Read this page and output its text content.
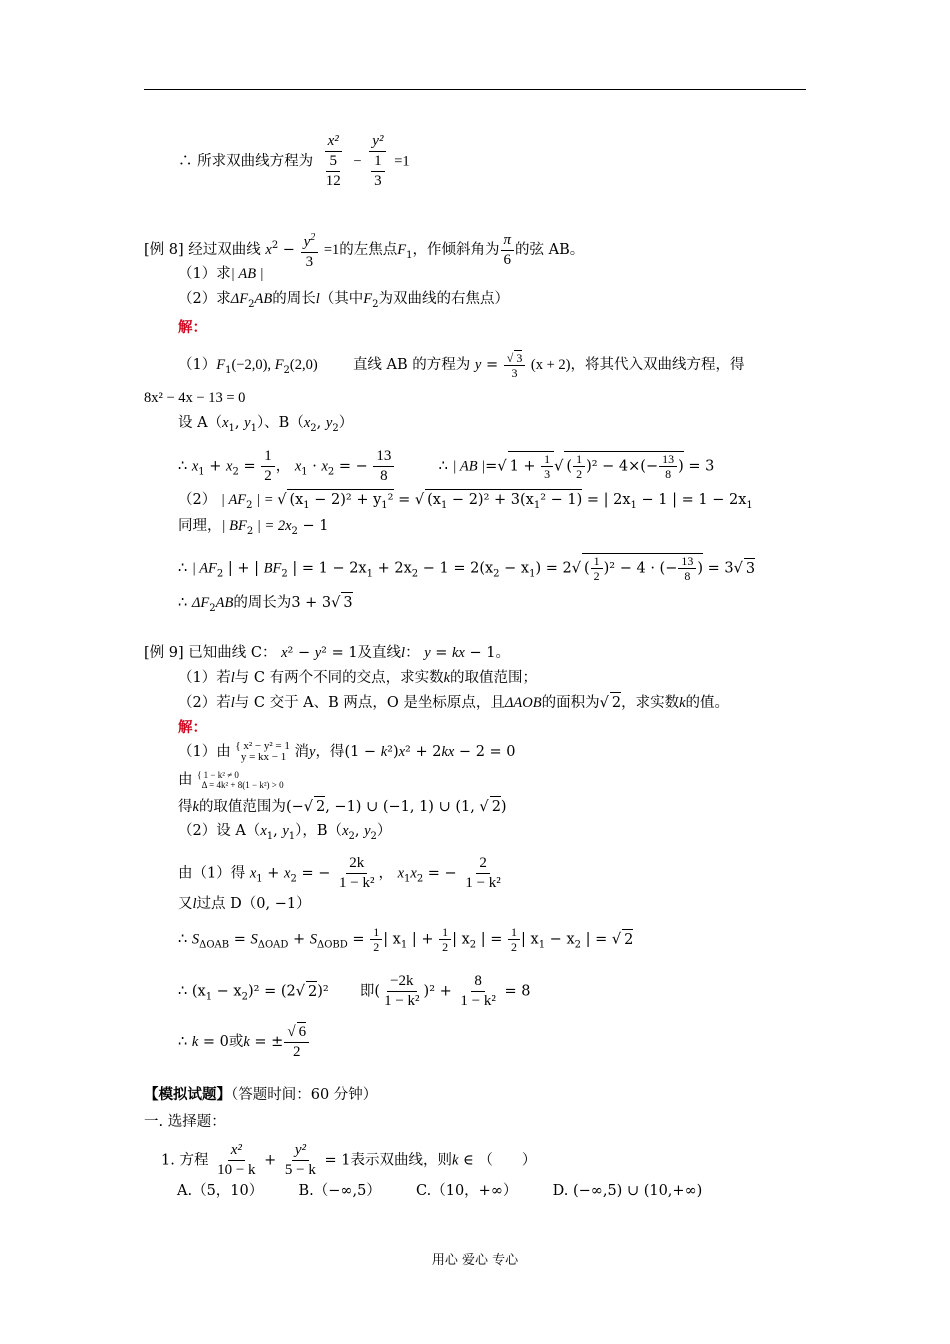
∴ 所求双曲线方程为 $\frac{\text{x²}}{\frac{5}{12}} - \frac{\text{y²}}{\frac{1}{3}} =1$
[例 8] 经过双曲线 $x^2 - \frac{y^2}{3} =1$的左焦点$F_1$，作倾斜角为 $\frac{\pi}{6}$ 的弦 AB。
（1）求| AB |
（2）求$\Delta F_2AB$的周长l（其中$F_2$为双曲线的右焦点）
解：
$(1)F_1(-2,0)$, $F_2(2,0)$ 直线 AB 的方程为 $y = \frac{√ 3}{3} (x + 2)$，将其代入双曲线方程，得
8x² − 4x − 13 = 0
设 $A(x_1$, $y_1$）、$B(x_2$, $y_2$）
∴ $x_1 + x_2 = \frac{1}{2}$ ， $x_1 \cdot x_2$ = − $\frac{13}{8}$	∴ | AB |=√ $1 + \frac{1}{3}$ √ ( $\frac{1}{2} )^2 - 4\times(- \frac{13}{8}$ ) = 3
（2） | $AF_2$ | = √ $(x_1 - 2)^2 + y_1^2$ = √ $(x_1 - 2)^2 + 3(x_1^2 - 1)$ = | $2x_1 - 1$ | = $1 - 2x_1$
同理，| $BF_2$ | = $2x_2 - 1$
∴ | $AF_2$ | + | $BF_2$ | = $1 - 2x_1 + 2x_2 - 1 = 2(x_2 - x_1) = 2√$ ( $\frac{1}{2} )^2 - 4$ · (− $\frac{13}{8}$ ) = 3√ 3
∴ $\Delta F_2AB$的周长为3 + 3√ 3
[例 9] 已知曲线 C： x² − y² = 1及直线l： y = kx − 1。
（1）若l与 C 有两个不同的交点，求实数k的取值范围；
（2）若l与 C 交于 A、B 两点，O 是坐标原点，且ΔAOB的面积为√ 2，求实数k的值。
解：
（1）由 { x² − y² = 1
y = kx − 1 消y，得(1 − k²)x² + 2kx − 2 = 0
由 { 1 − k² ≠ 0
Δ = 4k² + 8(1 − k²) > 0
得k的取值范围为(−√ 2, −1) ∪ (−1, 1) ∪ (1, √ 2)
（2）设 $A(x_1$, $y_1$），$B(x_2$, $y_2$）
由（1）得 $x_1 + x_2$ = − $\frac{2k}{\text{1 − k²}}$ ， $x_1x_2$ = − $\frac{2}{\text{1 − k²}}$
又l过点 D（0, −1）
∴ $S_{\Delta OAB} = S_{\Delta OAD} + S_{\Delta OBD} = \frac{1}{2}$ | $x_1$ | + $\frac{1}{2}$ | $x_2$ | = $\frac{1}{2}$ | $x_1 - x_2$ | = √ 2
∴ $(x_1 - x_2)^2 = (2√$ 2)²  即( $\frac{-2k}{\text{1 − k²}} )^2 + \frac{8}{\text{1 − k²}} = 8$
∴ k = 0或k = ± $\frac{√ 6}{2}$
【模拟试题】（答题时间：60 分钟）
一. 选择题：
1. 方程 $\frac{\text{x²}}{10 - k} + \frac{\text{y²}}{5 - k} = 1$表示双曲线，则k ∈ （　　）
A.（5，10） B.（−∞,5） C.（10，+∞） D. (−∞,5) ∪ (10,+∞)
用心 爱心 专心
